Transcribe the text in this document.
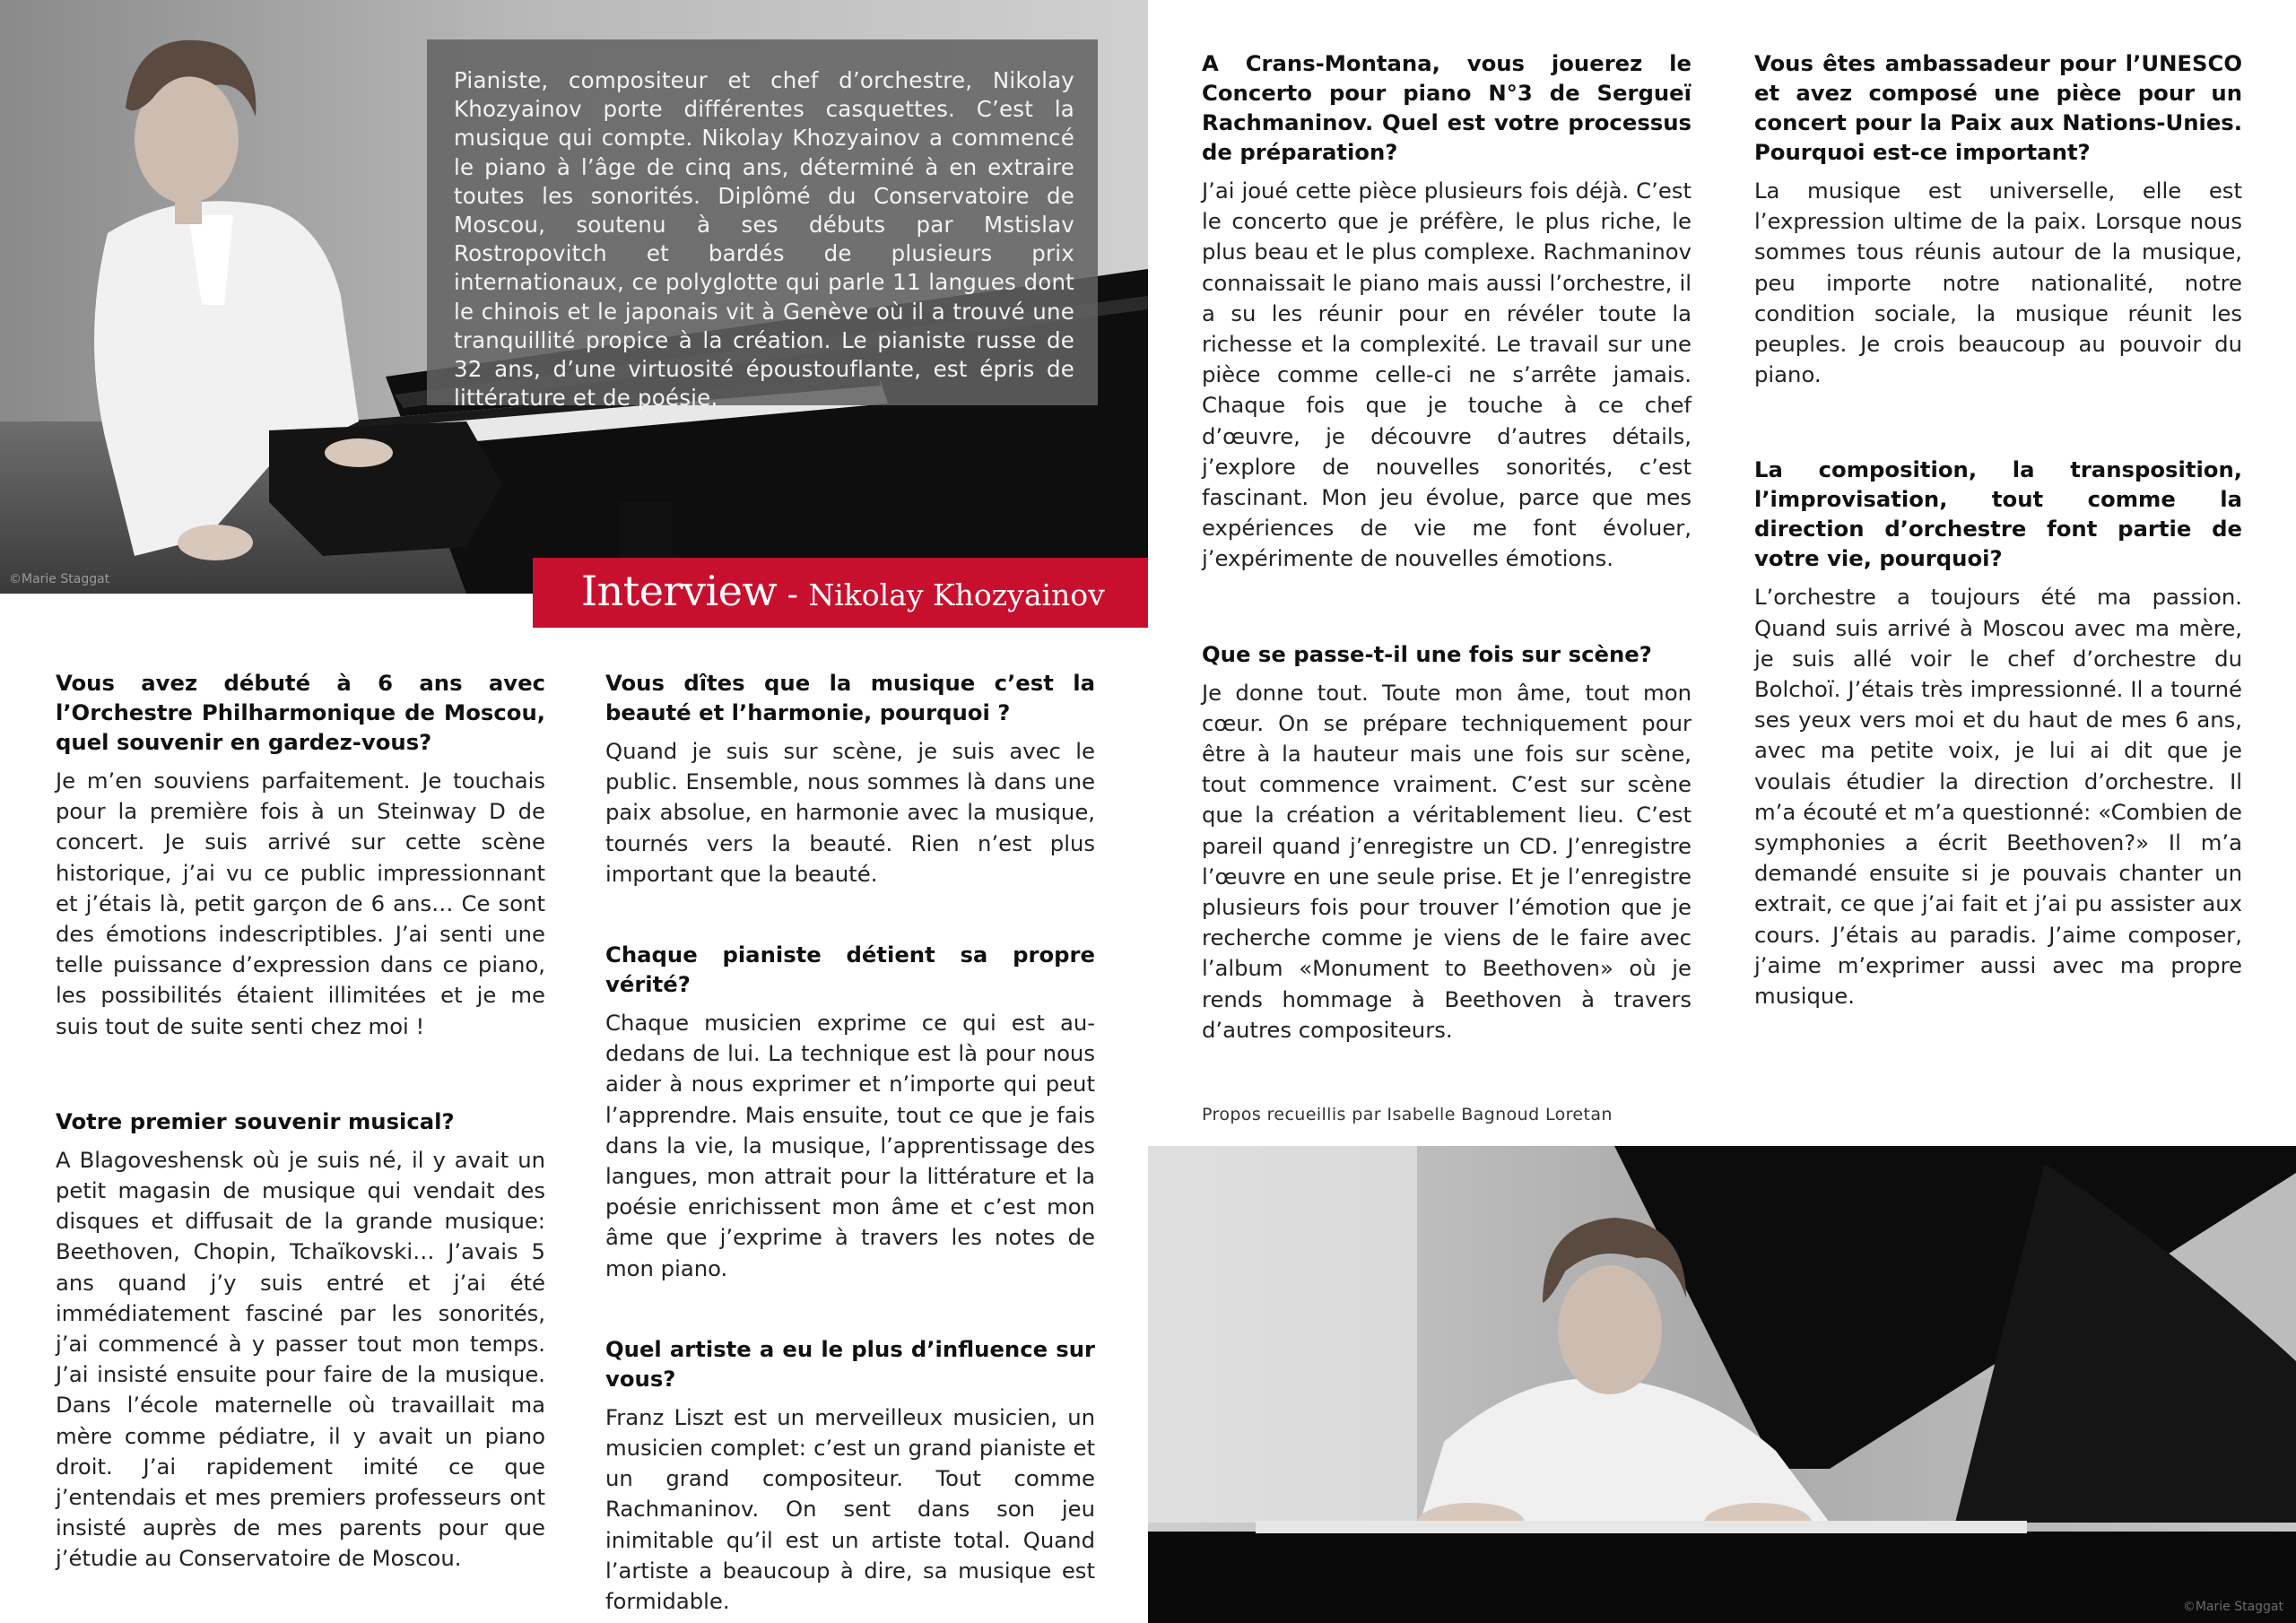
©Marie Staggat

Pianiste, compositeur et chef d’orchestre, Nikolay Khozyainov porte différentes casquettes. C’est la musique qui compte. Nikolay Khozyainov a commencé le piano à l’âge de cinq ans, déterminé à en extraire toutes les sonorités. Diplômé du Conservatoire de Moscou, soutenu à ses débuts par Mstislav Rostropovitch et bardés de plusieurs prix internationaux, ce polyglotte qui parle 11 langues dont le chinois et le japonais vit à Genève où il a trouvé une tranquillité propice à la création. Le pianiste russe de 32 ans, d’une virtuosité époustouflante, est épris de littérature et de poésie.

Interview - Nikolay Khozyainov
Vous avez débuté à 6 ans avec l’Orchestre Philharmonique de Moscou, quel souvenir en gardez-vous?

Je m’en souviens parfaitement. Je touchais pour la première fois à un Steinway D de concert. Je suis arrivé sur cette scène historique, j’ai vu ce public impressionnant et j’étais là, petit garçon de 6 ans… Ce sont des émotions indescriptibles. J’ai senti une telle puissance d’expression dans ce piano, les possibilités étaient illimitées et je me suis tout de suite senti chez moi !

Votre premier souvenir musical?

A Blagoveshensk où je suis né, il y avait un petit magasin de musique qui vendait des disques et diffusait de la grande musique: Beethoven, Chopin, Tchaïkovski… J’avais 5 ans quand j’y suis entré et j’ai été immédiatement fasciné par les sonorités, j’ai commencé à y passer tout mon temps. J’ai insisté ensuite pour faire de la musique. Dans l’école maternelle où travaillait ma mère comme pédiatre, il y avait un piano droit. J’ai rapidement imité ce que j’entendais et mes premiers professeurs ont insisté auprès de mes parents pour que j’étudie au Conservatoire de Moscou.

Vous dîtes que la musique c’est la beauté et l’harmonie, pourquoi ?

Quand je suis sur scène, je suis avec le public. Ensemble, nous sommes là dans une paix absolue, en harmonie avec la musique, tournés vers la beauté. Rien n’est plus important que la beauté.

Chaque pianiste détient sa propre vérité?

Chaque musicien exprime ce qui est au-dedans de lui. La technique est là pour nous aider à nous exprimer et n’importe qui peut l’apprendre. Mais ensuite, tout ce que je fais dans la vie, la musique, l’apprentissage des langues, mon attrait pour la littérature et la poésie enrichissent mon âme et c’est mon âme que j’exprime à travers les notes de mon piano.

Quel artiste a eu le plus d’influence sur vous?

Franz Liszt est un merveilleux musicien, un musicien complet: c’est un grand pianiste et un grand compositeur. Tout comme Rachmaninov. On sent dans son jeu inimitable qu’il est un artiste total. Quand l’artiste a beaucoup à dire, sa musique est formidable.

A Crans-Montana, vous jouerez le Concerto pour piano N°3 de Sergueï Rachmaninov. Quel est votre processus de préparation?

J’ai joué cette pièce plusieurs fois déjà. C’est le concerto que je préfère, le plus riche, le plus beau et le plus complexe. Rachmaninov connaissait le piano mais aussi l’orchestre, il a su les réunir pour en révéler toute la richesse et la complexité. Le travail sur une pièce comme celle-ci ne s’arrête jamais. Chaque fois que je touche à ce chef d’œuvre, je découvre d’autres détails, j’explore de nouvelles sonorités, c’est fascinant. Mon jeu évolue, parce que mes expériences de vie me font évoluer, j’expérimente de nouvelles émotions.

Que se passe-t-il une fois sur scène?

Je donne tout. Toute mon âme, tout mon cœur. On se prépare techniquement pour être à la hauteur mais une fois sur scène, tout commence vraiment. C’est sur scène que la création a véritablement lieu. C’est pareil quand j’enregistre un CD. J’enregistre l’œuvre en une seule prise. Et je l’enregistre plusieurs fois pour trouver l’émotion que je recherche comme je viens de le faire avec l’album «Monument to Beethoven» où je rends hommage à Beethoven à travers d’autres compositeurs.

Vous êtes ambassadeur pour l’UNESCO et avez composé une pièce pour un concert pour la Paix aux Nations-Unies. Pourquoi est-ce important?

La musique est universelle, elle est l’expression ultime de la paix. Lorsque nous sommes tous réunis autour de la musique, peu importe notre nationalité, notre condition sociale, la musique réunit les peuples. Je crois beaucoup au pouvoir du piano.

La composition, la transposition, l’improvisation, tout comme la direction d’orchestre font partie de votre vie, pourquoi?

L’orchestre a toujours été ma passion. Quand suis arrivé à Moscou avec ma mère, je suis allé voir le chef d’orchestre du Bolchoï. J’étais très impressionné. Il a tourné ses yeux vers moi et du haut de mes 6 ans, avec ma petite voix, je lui ai dit que je voulais étudier la direction d’orchestre. Il m’a écouté et m’a questionné: «Combien de symphonies a écrit Beethoven?» Il m’a demandé ensuite si je pouvais chanter un extrait, ce que j’ai fait et j’ai pu assister aux cours. J’étais au paradis. J’aime composer, j’aime m’exprimer aussi avec ma propre musique.

Propos recueillis par Isabelle Bagnoud Loretan
©Marie Staggat
